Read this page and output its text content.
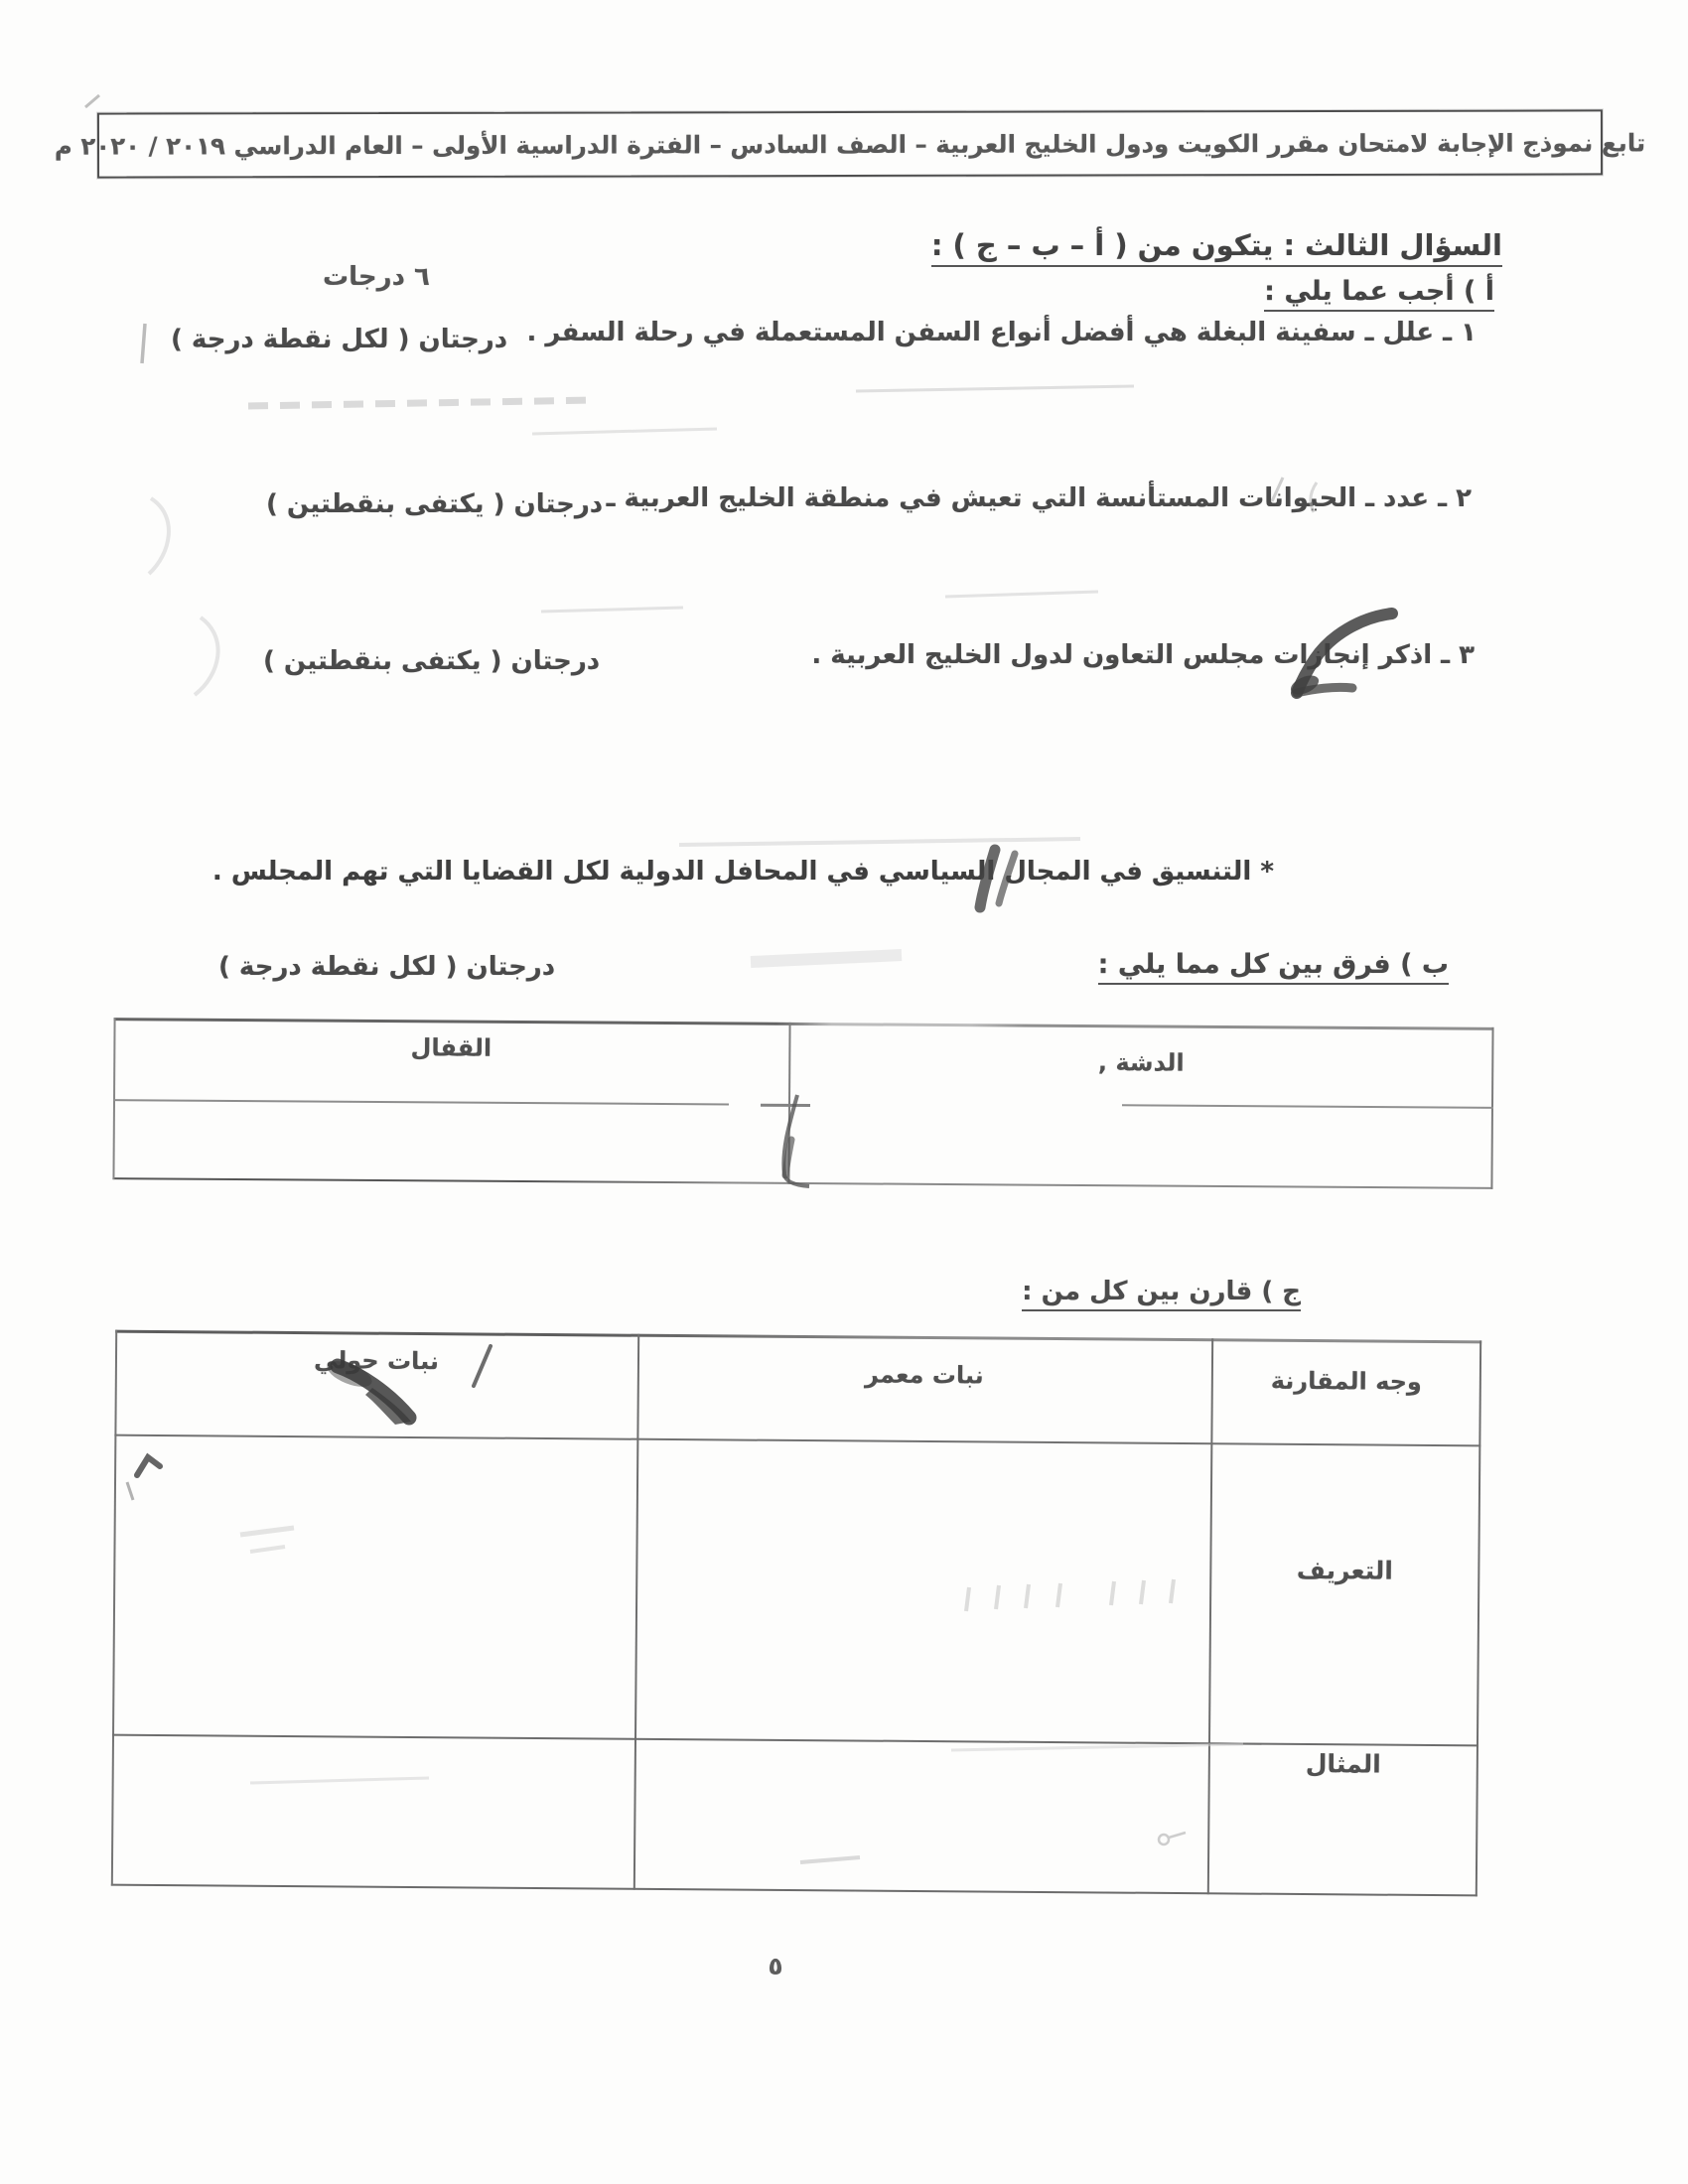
تابع نموذج الإجابة لامتحان مقرر الكويت ودول الخليج العربية – الصف السادس – الفترة الدراسية الأولى – العام الدراسي ٢٠١٩ / ٢٠٢٠ م
السؤال الثالث : يتكون من ( أ – ب – ج ) :
أ ) أجب عما يلي :
٦ درجات
١ ـ علل ـ سفينة البغلة هي أفضل أنواع السفن المستعملة في رحلة السفر .
درجتان ( لكل نقطة درجة )
٢ ـ عدد ـ الحيوانات المستأنسة التي تعيش في منطقة الخليج العربية ـ
درجتان ( يكتفى بنقطتين )
٣ ـ اذكر إنجازات مجلس التعاون لدول الخليج العربية .
درجتان ( يكتفى بنقطتين )
* التنسيق في المجال السياسي في المحافل الدولية لكل القضايا التي تهم المجلس .
ب ) فرق بين كل مما يلي :
درجتان ( لكل نقطة درجة )
الدشة ,
القفال
ج ) قارن بين كل من :
وجه المقارنة
نبات معمر
نبات حولي
التعريف
المثال
٥
